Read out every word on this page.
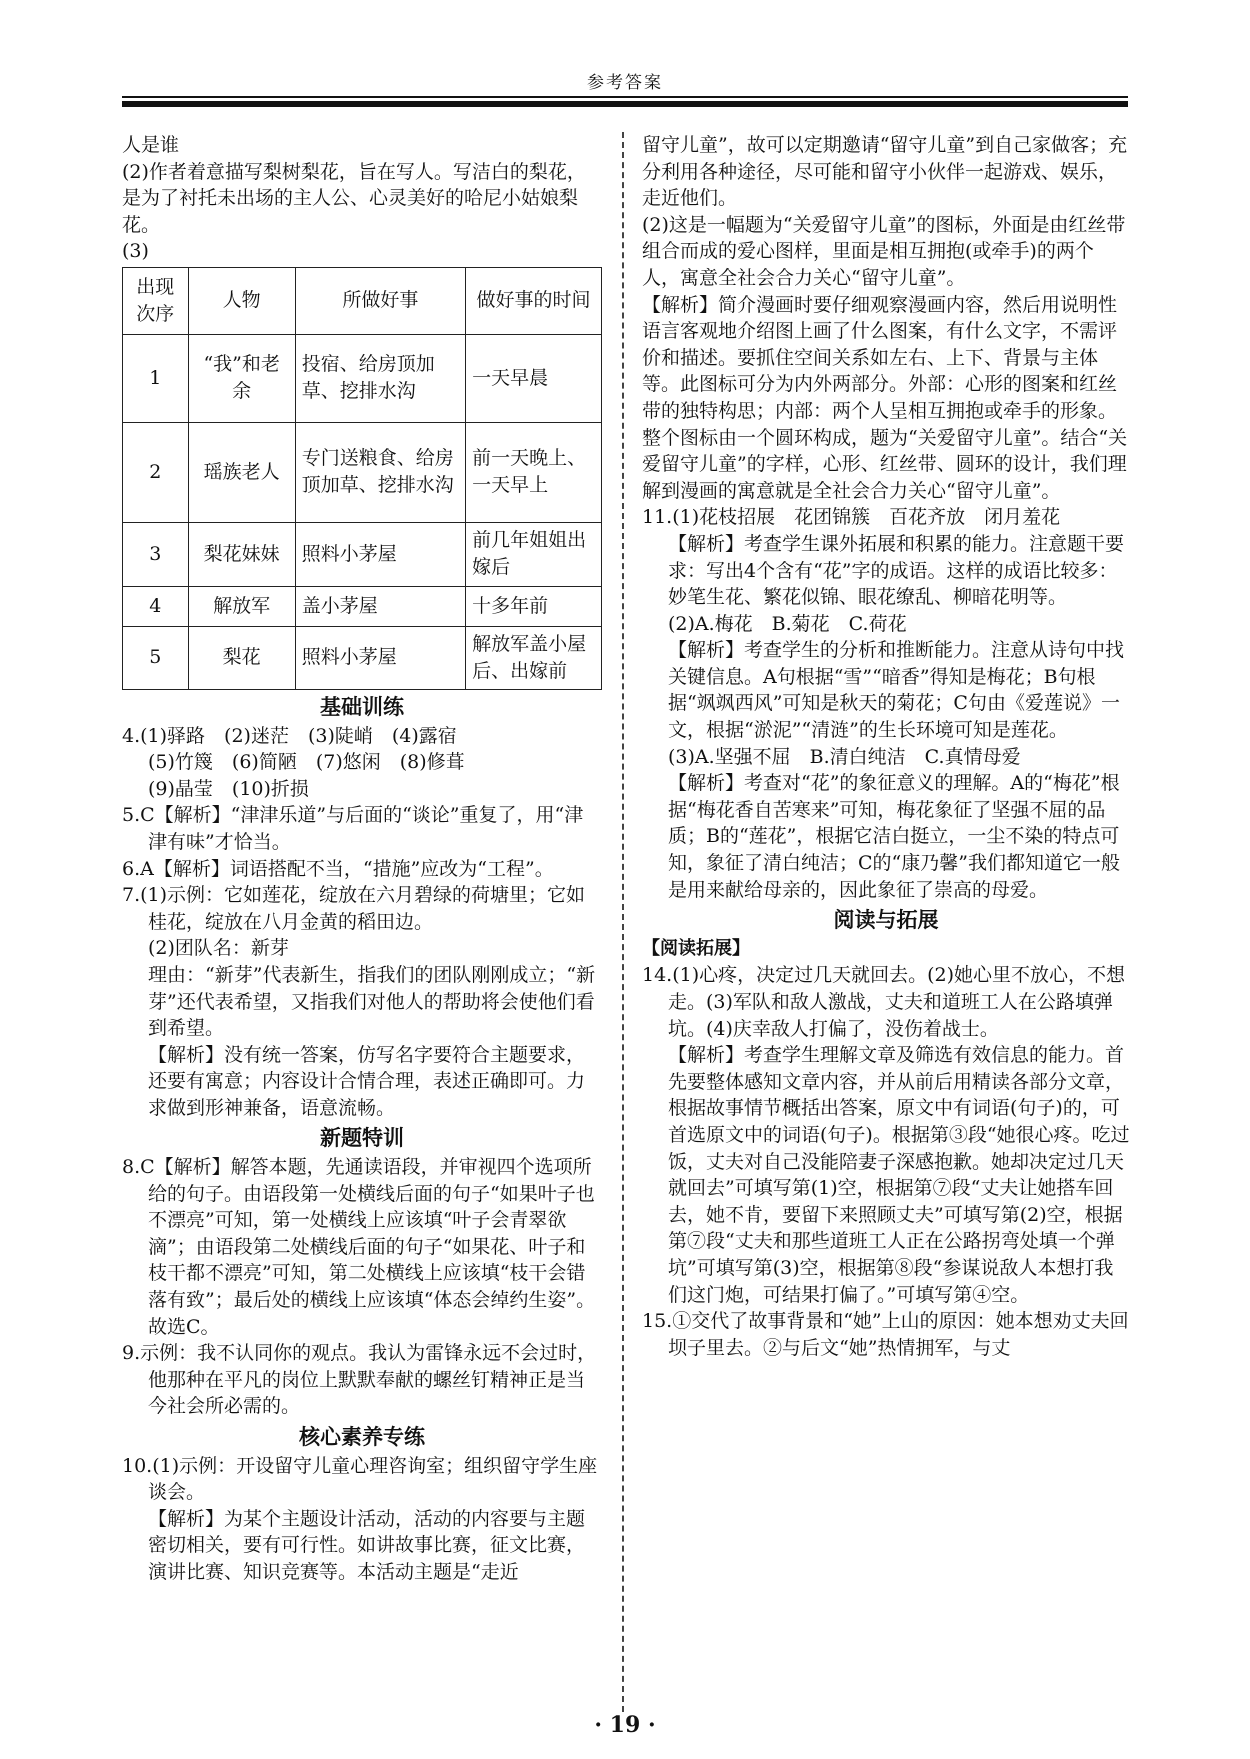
参考答案

人是谁

(2)作者着意描写梨树梨花，旨在写人。写洁白的梨花，是为了衬托未出场的主人公、心灵美好的哈尼小姑娘梨花。

(3)

出现次序	人物	所做好事	做好事的时间
1	“我”和老余	投宿、给房顶加草、挖排水沟	一天早晨
2	瑶族老人	专门送粮食、给房顶加草、挖排水沟	前一天晚上、一天早上
3	梨花妹妹	照料小茅屋	前几年姐姐出嫁后
4	解放军	盖小茅屋	十多年前
5	梨花	照料小茅屋	解放军盖小屋后、出嫁前
基础训练

4.(1)驿路　(2)迷茫　(3)陡峭　(4)露宿

(5)竹篾　(6)简陋　(7)悠闲　(8)修葺

(9)晶莹　(10)折损

5.C【解析】“津津乐道”与后面的“谈论”重复了，用“津津有味”才恰当。

6.A【解析】词语搭配不当，“措施”应改为“工程”。

7.(1)示例：它如莲花，绽放在六月碧绿的荷塘里；它如桂花，绽放在八月金黄的稻田边。

(2)团队名：新芽

理由：“新芽”代表新生，指我们的团队刚刚成立；“新芽”还代表希望，又指我们对他人的帮助将会使他们看到希望。

【解析】没有统一答案，仿写名字要符合主题要求，还要有寓意；内容设计合情合理，表述正确即可。力求做到形神兼备，语意流畅。

新题特训

8.C【解析】解答本题，先通读语段，并审视四个选项所给的句子。由语段第一处横线后面的句子“如果叶子也不漂亮”可知，第一处横线上应该填“叶子会青翠欲滴”；由语段第二处横线后面的句子“如果花、叶子和枝干都不漂亮”可知，第二处横线上应该填“枝干会错落有致”；最后处的横线上应该填“体态会绰约生姿”。故选C。

9.示例：我不认同你的观点。我认为雷锋永远不会过时，他那种在平凡的岗位上默默奉献的螺丝钉精神正是当今社会所必需的。

核心素养专练

10.(1)示例：开设留守儿童心理咨询室；组织留守学生座谈会。

【解析】为某个主题设计活动，活动的内容要与主题密切相关，要有可行性。如讲故事比赛，征文比赛，演讲比赛、知识竞赛等。本活动主题是“走近

留守儿童”，故可以定期邀请“留守儿童”到自己家做客；充分利用各种途径，尽可能和留守小伙伴一起游戏、娱乐，走近他们。

(2)这是一幅题为“关爱留守儿童”的图标，外面是由红丝带组合而成的爱心图样，里面是相互拥抱(或牵手)的两个人，寓意全社会合力关心“留守儿童”。

【解析】简介漫画时要仔细观察漫画内容，然后用说明性语言客观地介绍图上画了什么图案，有什么文字，不需评价和描述。要抓住空间关系如左右、上下、背景与主体等。此图标可分为内外两部分。外部：心形的图案和红丝带的独特构思；内部：两个人呈相互拥抱或牵手的形象。整个图标由一个圆环构成，题为“关爱留守儿童”。结合“关爱留守儿童”的字样，心形、红丝带、圆环的设计，我们理解到漫画的寓意就是全社会合力关心“留守儿童”。

11.(1)花枝招展　花团锦簇　百花齐放　闭月羞花

【解析】考查学生课外拓展和积累的能力。注意题干要求：写出4个含有“花”字的成语。这样的成语比较多：妙笔生花、繁花似锦、眼花缭乱、柳暗花明等。

(2)A.梅花　B.菊花　C.荷花

【解析】考查学生的分析和推断能力。注意从诗句中找关键信息。A句根据“雪”“暗香”得知是梅花；B句根据“飒飒西风”可知是秋天的菊花；C句由《爱莲说》一文，根据“淤泥”“清涟”的生长环境可知是莲花。

(3)A.坚强不屈　B.清白纯洁　C.真情母爱

【解析】考查对“花”的象征意义的理解。A的“梅花”根据“梅花香自苦寒来”可知，梅花象征了坚强不屈的品质；B的“莲花”，根据它洁白挺立，一尘不染的特点可知，象征了清白纯洁；C的“康乃馨”我们都知道它一般是用来献给母亲的，因此象征了崇高的母爱。

阅读与拓展

【阅读拓展】

14.(1)心疼，决定过几天就回去。(2)她心里不放心，不想走。(3)军队和敌人激战，丈夫和道班工人在公路填弹坑。(4)庆幸敌人打偏了，没伤着战士。

【解析】考查学生理解文章及筛选有效信息的能力。首先要整体感知文章内容，并从前后用精读各部分文章，根据故事情节概括出答案，原文中有词语(句子)的，可首选原文中的词语(句子)。根据第③段“她很心疼。吃过饭，丈夫对自己没能陪妻子深感抱歉。她却决定过几天就回去”可填写第(1)空，根据第⑦段“丈夫让她搭车回去，她不肯，要留下来照顾丈夫”可填写第(2)空，根据第⑦段“丈夫和那些道班工人正在公路拐弯处填一个弹坑”可填写第(3)空，根据第⑧段“参谋说敌人本想打我们这门炮，可结果打偏了。”可填写第④空。

15.①交代了故事背景和“她”上山的原因：她本想劝丈夫回坝子里去。②与后文“她”热情拥军，与丈

· 19 ·
